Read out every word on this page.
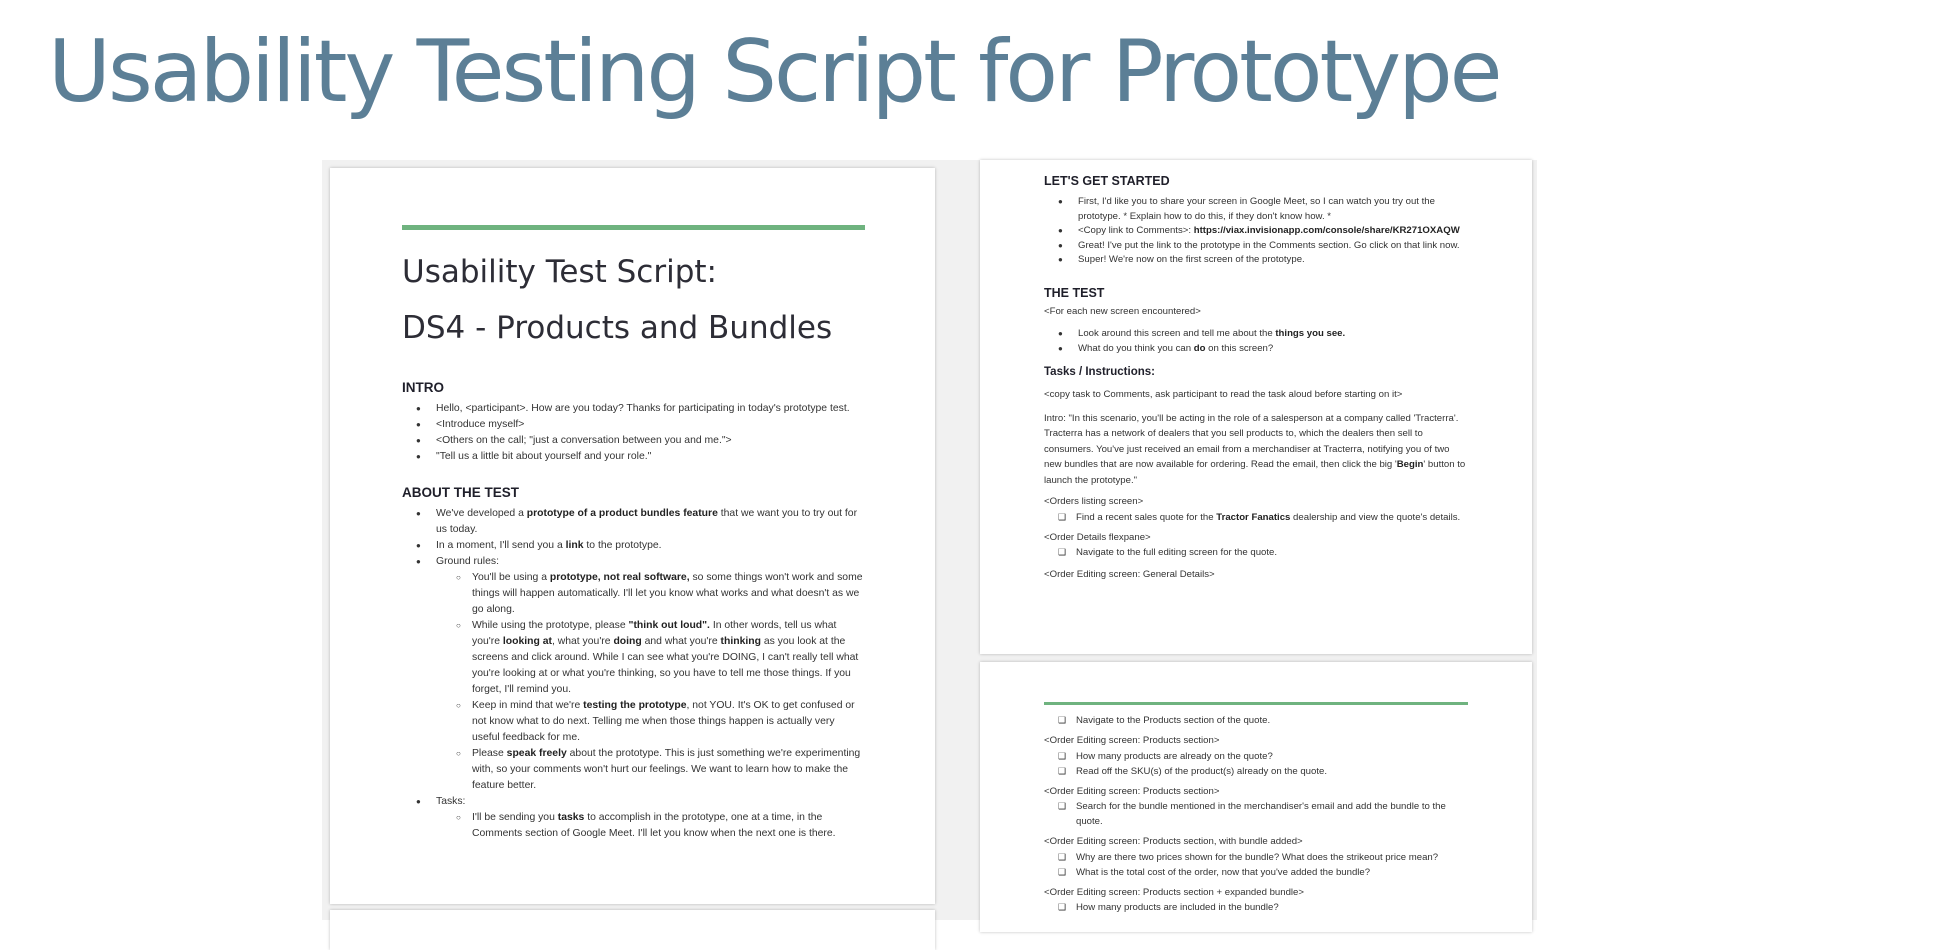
Usability Testing Script for Prototype

Usability Test Script:

DS4 - Products and Bundles

INTRO

● Hello, <participant>. How are you today? Thanks for participating in today's prototype test.
● <Introduce myself>
● <Others on the call; "just a conversation between you and me.">
● "Tell us a little bit about yourself and your role."

ABOUT THE TEST

● We've developed a prototype of a product bundles feature that we want you to try out for us today.
● In a moment, I'll send you a link to the prototype.
● Ground rules:
○ You'll be using a prototype, not real software, so some things won't work and some things will happen automatically. I'll let you know what works and what doesn't as we go along.
○ While using the prototype, please "think out loud". In other words, tell us what you're looking at, what you're doing and what you're thinking as you look at the screens and click around. While I can see what you're DOING, I can't really tell what you're looking at or what you're thinking, so you have to tell me those things. If you forget, I'll remind you.
○ Keep in mind that we're testing the prototype, not YOU. It's OK to get confused or not know what to do next. Telling me when those things happen is actually very useful feedback for me.
○ Please speak freely about the prototype. This is just something we're experimenting with, so your comments won't hurt our feelings. We want to learn how to make the feature better.
● Tasks:
○ I'll be sending you tasks to accomplish in the prototype, one at a time, in the Comments section of Google Meet. I'll let you know when the next one is there.

LET'S GET STARTED

● First, I'd like you to share your screen in Google Meet, so I can watch you try out the prototype. * Explain how to do this, if they don't know how. *
● <Copy link to Comments>: https://viax.invisionapp.com/console/share/KR271OXAQW
● Great! I've put the link to the prototype in the Comments section. Go click on that link now.
● Super! We're now on the first screen of the prototype.

THE TEST

<For each new screen encountered>
● Look around this screen and tell me about the things you see.
● What do you think you can do on this screen?

Tasks / Instructions:

<copy task to Comments, ask participant to read the task aloud before starting on it>
Intro: "In this scenario, you'll be acting in the role of a salesperson at a company called 'Tracterra'. Tracterra has a network of dealers that you sell products to, which the dealers then sell to consumers. You've just received an email from a merchandiser at Tracterra, notifying you of two new bundles that are now available for ordering. Read the email, then click the big 'Begin' button to launch the prototype."
<Orders listing screen>
❑ Find a recent sales quote for the Tractor Fanatics dealership and view the quote's details.
<Order Details flexpane>
❑ Navigate to the full editing screen for the quote.
<Order Editing screen: General Details>
❑ Navigate to the Products section of the quote.
<Order Editing screen: Products section>
❑ How many products are already on the quote?
❑ Read off the SKU(s) of the product(s) already on the quote.
<Order Editing screen: Products section>
❑ Search for the bundle mentioned in the merchandiser's email and add the bundle to the quote.
<Order Editing screen: Products section, with bundle added>
❑ Why are there two prices shown for the bundle? What does the strikeout price mean?
❑ What is the total cost of the order, now that you've added the bundle?
<Order Editing screen: Products section + expanded bundle>
❑ How many products are included in the bundle?
